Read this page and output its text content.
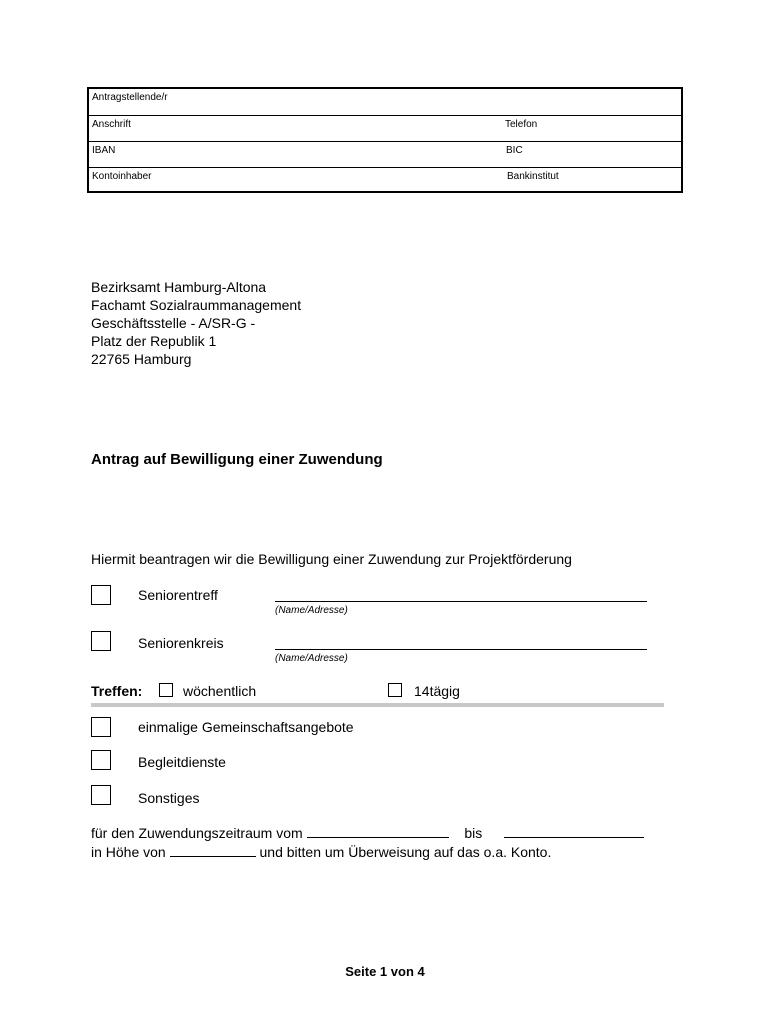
Antragstellende/r
Anschrift	Telefon
IBAN	BIC
Kontoinhaber	Bankinstitut
Bezirksamt Hamburg-Altona
Fachamt Sozialraummanagement
Geschäftsstelle - A/SR-G -
Platz der Republik 1
22765 Hamburg
Antrag auf Bewilligung einer Zuwendung
Hiermit beantragen wir die Bewilligung einer Zuwendung zur Projektförderung
Seniorentreff
(Name/Adresse)
Seniorenkreis
(Name/Adresse)
Treffen:	wöchentlich	14tägig
einmalige Gemeinschaftsangebote
Begleitdienste
Sonstiges
für den Zuwendungszeitraum vom	bis
in Höhe von	und bitten um Überweisung auf das o.a. Konto.
Seite 1 von 4
